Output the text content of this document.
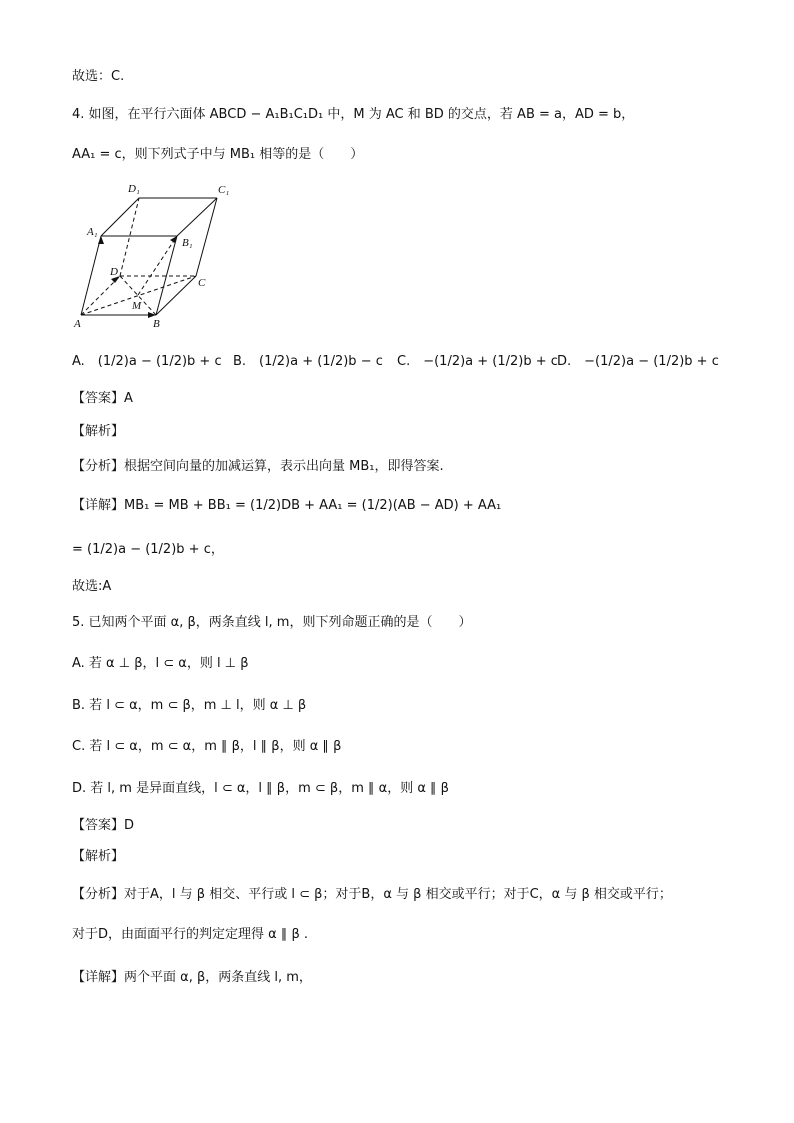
故选：C.
4. 如图，在平行六面体 ABCD − A₁B₁C₁D₁ 中，M 为 AC 和 BD 的交点，若 AB = a，AD = b，
AA₁ = c，则下列式子中与 MB₁ 相等的是（　　）
D₁	C₁
A₁
B₁
D
C
M
A	B
A.　(1/2)a − (1/2)b + c B.　(1/2)a + (1/2)b − c C.　−(1/2)a + (1/2)b + c D.　−(1/2)a − (1/2)b + c
【答案】A
【解析】
【分析】根据空间向量的加减运算，表示出向量 MB₁，即得答案.
【详解】MB₁ = MB + BB₁ = (1/2)DB + AA₁ = (1/2)(AB − AD) + AA₁
= (1/2)a − (1/2)b + c，
故选:A
5. 已知两个平面 α, β，两条直线 l, m，则下列命题正确的是（　　）
A. 若 α ⊥ β，l ⊂ α，则 l ⊥ β
B. 若 l ⊂ α，m ⊂ β，m ⊥ l，则 α ⊥ β
C. 若 l ⊂ α，m ⊂ α，m ∥ β，l ∥ β，则 α ∥ β
D. 若 l, m 是异面直线，l ⊂ α，l ∥ β，m ⊂ β，m ∥ α，则 α ∥ β
【答案】D
【解析】
【分析】对于A，l 与 β 相交、平行或 l ⊂ β；对于B，α 与 β 相交或平行；对于C，α 与 β 相交或平行；
对于D，由面面平行的判定定理得 α ∥ β .
【详解】两个平面 α, β，两条直线 l, m，
